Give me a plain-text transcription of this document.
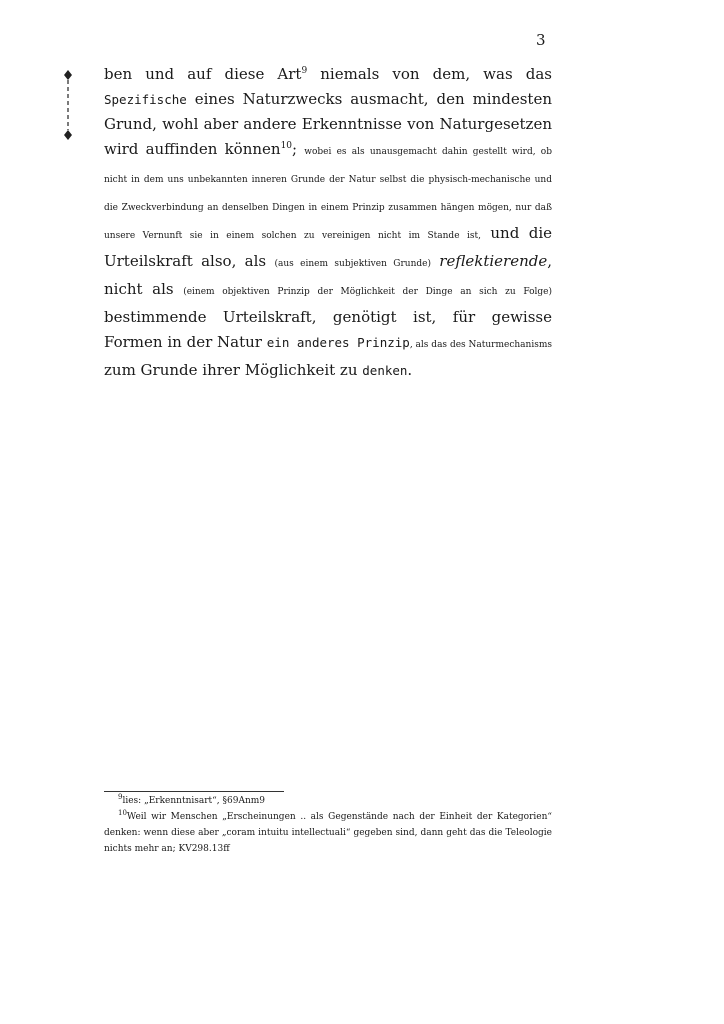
3
ben und auf diese Art$^9$ niemals von dem, was das Spezifische eines Naturzwecks ausmacht, den mindesten Grund, wohl aber andere Erkenntnisse von Naturgesetzen wird auffinden können$^{10}$; wobei es als unausgemacht dahin gestellt wird, ob nicht in dem uns unbekannten inneren Grunde der Natur selbst die physisch-mechanische und die Zweckverbindung an denselben Dingen in einem Prinzip zusammen hängen mögen, nur daß unsere Vernunft sie in einem solchen zu vereinigen nicht im Stande ist, und die Urteilskraft also, als (aus einem subjektiven Grunde) reflektierende, nicht als (einem objektiven Prinzip der Möglichkeit der Dinge an sich zu Folge) bestimmende Urteilskraft, genötigt ist, für gewisse Formen in der Natur ein anderes Prinzip, als das des Naturmechanisms zum Grunde ihrer Möglichkeit zu denken.
$^9$lies: „Erkenntnisart“, §69Anm9
$^{10}$Weil wir Menschen „Erscheinungen .. als Gegenstände nach der Einheit der Kategorien“ denken: wenn diese aber „coram intuitu intellectuali“ gegeben sind, dann geht das die Teleologie nichts mehr an; KV298.13ff
